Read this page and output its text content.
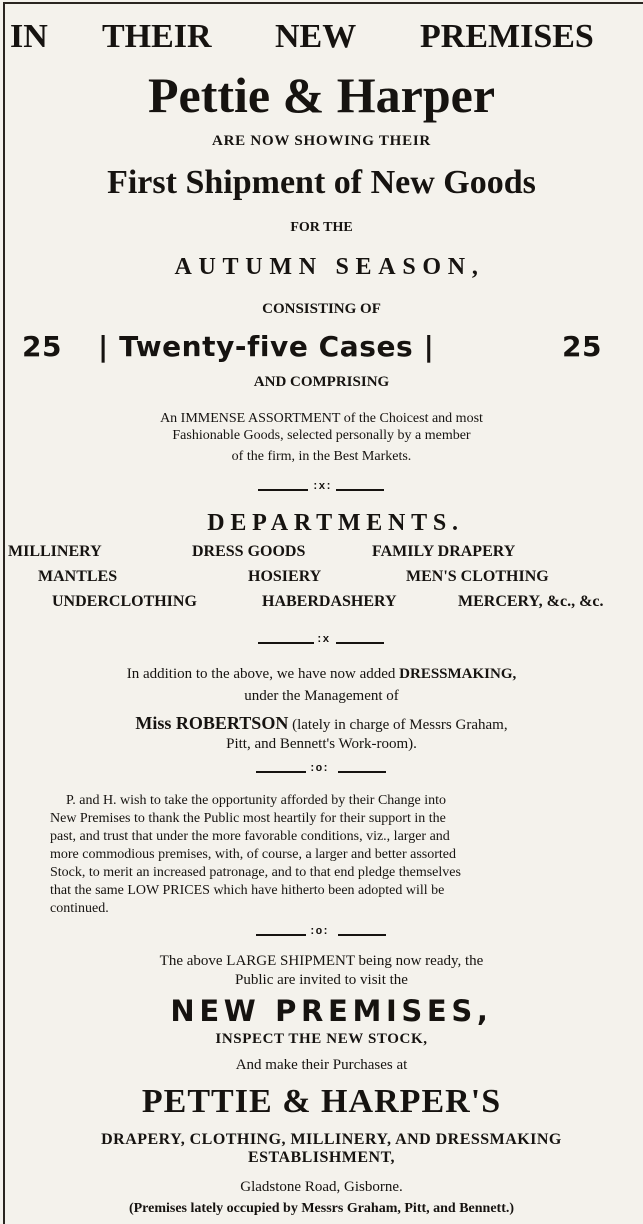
IN THEIR NEW PREMISES
Pettie & Harper
ARE NOW SHOWING THEIR
First Shipment of New Goods
FOR THE
AUTUMN SEASON,
CONSISTING OF
25 | Twenty-five Cases |	25
AND COMPRISING
An IMMENSE ASSORTMENT of the Choicest and most
Fashionable Goods, selected personally by a member
of the firm, in the Best Markets.
:x:
DEPARTMENTS.
MILLINERY	DRESS GOODS	FAMILY DRAPERY
MANTLES	HOSIERY	MEN'S CLOTHING
UNDERCLOTHING	HABERDASHERY	MERCERY, &c., &c.
:x
In addition to the above, we have now added DRESSMAKING,
under the Management of
Miss ROBERTSON (lately in charge of Messrs Graham,
Pitt, and Bennett's Work-room).
:o:
P. and H. wish to take the opportunity afforded by their Change into
New Premises to thank the Public most heartily for their support in the
past, and trust that under the more favorable conditions, viz., larger and
more commodious premises, with, of course, a larger and better assorted
Stock, to merit an increased patronage, and to that end pledge themselves
that the same LOW PRICES which have hitherto been adopted will be
continued.
:o:
The above LARGE SHIPMENT being now ready, the
Public are invited to visit the
NEW PREMISES,
INSPECT THE NEW STOCK,
And make their Purchases at
PETTIE & HARPER'S
DRAPERY, CLOTHING, MILLINERY, AND DRESSMAKING
ESTABLISHMENT,
Gladstone Road, Gisborne.
(Premises lately occupied by Messrs Graham, Pitt, and Bennett.)
